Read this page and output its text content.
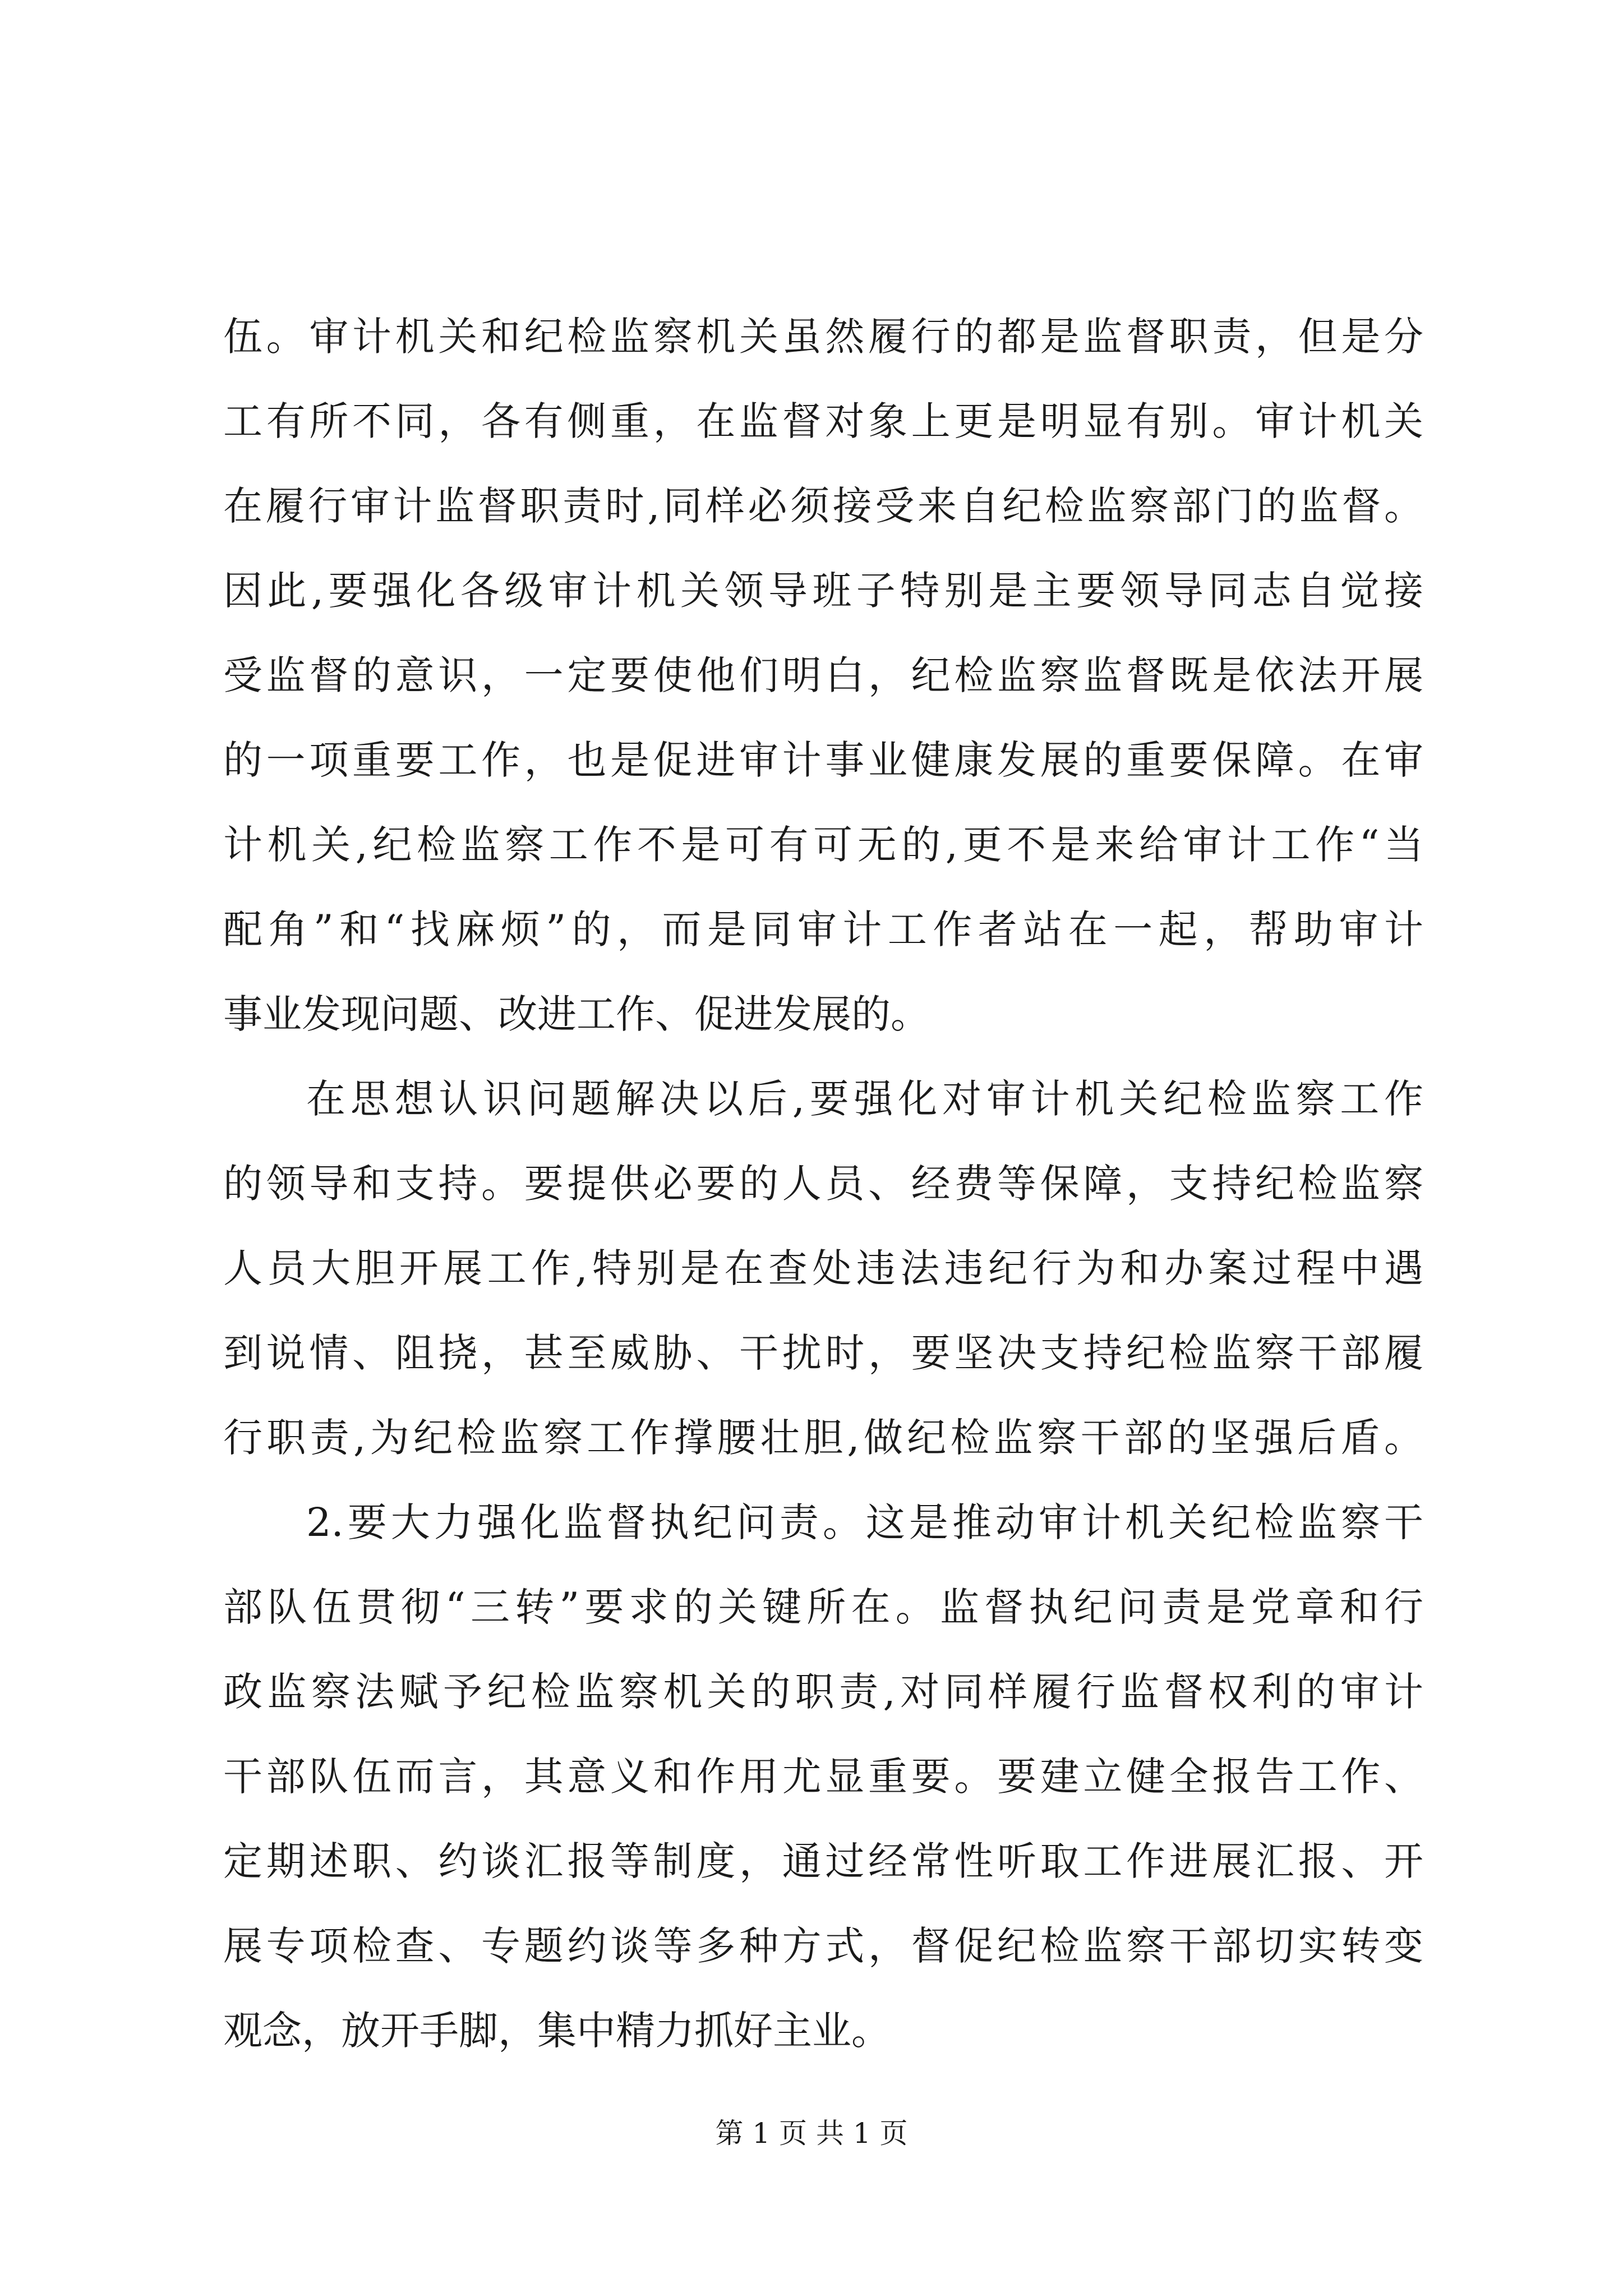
伍。审计机关和纪检监察机关虽然履行的都是监督职责，但是分
工有所不同，各有侧重，在监督对象上更是明显有别。审计机关
在履行审计监督职责时,同样必须接受来自纪检监察部门的监督。
因此,要强化各级审计机关领导班子特别是主要领导同志自觉接
受监督的意识，一定要使他们明白，纪检监察监督既是依法开展
的一项重要工作，也是促进审计事业健康发展的重要保障。在审
计机关,纪检监察工作不是可有可无的,更不是来给审计工作“当
配角”和“找麻烦”的，而是同审计工作者站在一起，帮助审计
事业发现问题、改进工作、促进发展的。
在思想认识问题解决以后,要强化对审计机关纪检监察工作
的领导和支持。要提供必要的人员、经费等保障，支持纪检监察
人员大胆开展工作,特别是在查处违法违纪行为和办案过程中遇
到说情、阻挠，甚至威胁、干扰时，要坚决支持纪检监察干部履
行职责,为纪检监察工作撑腰壮胆,做纪检监察干部的坚强后盾。
2.要大力强化监督执纪问责。这是推动审计机关纪检监察干
部队伍贯彻“三转”要求的关键所在。监督执纪问责是党章和行
政监察法赋予纪检监察机关的职责,对同样履行监督权利的审计
干部队伍而言，其意义和作用尤显重要。要建立健全报告工作、
定期述职、约谈汇报等制度，通过经常性听取工作进展汇报、开
展专项检查、专题约谈等多种方式，督促纪检监察干部切实转变
观念，放开手脚，集中精力抓好主业。
第 1 页 共 1 页
